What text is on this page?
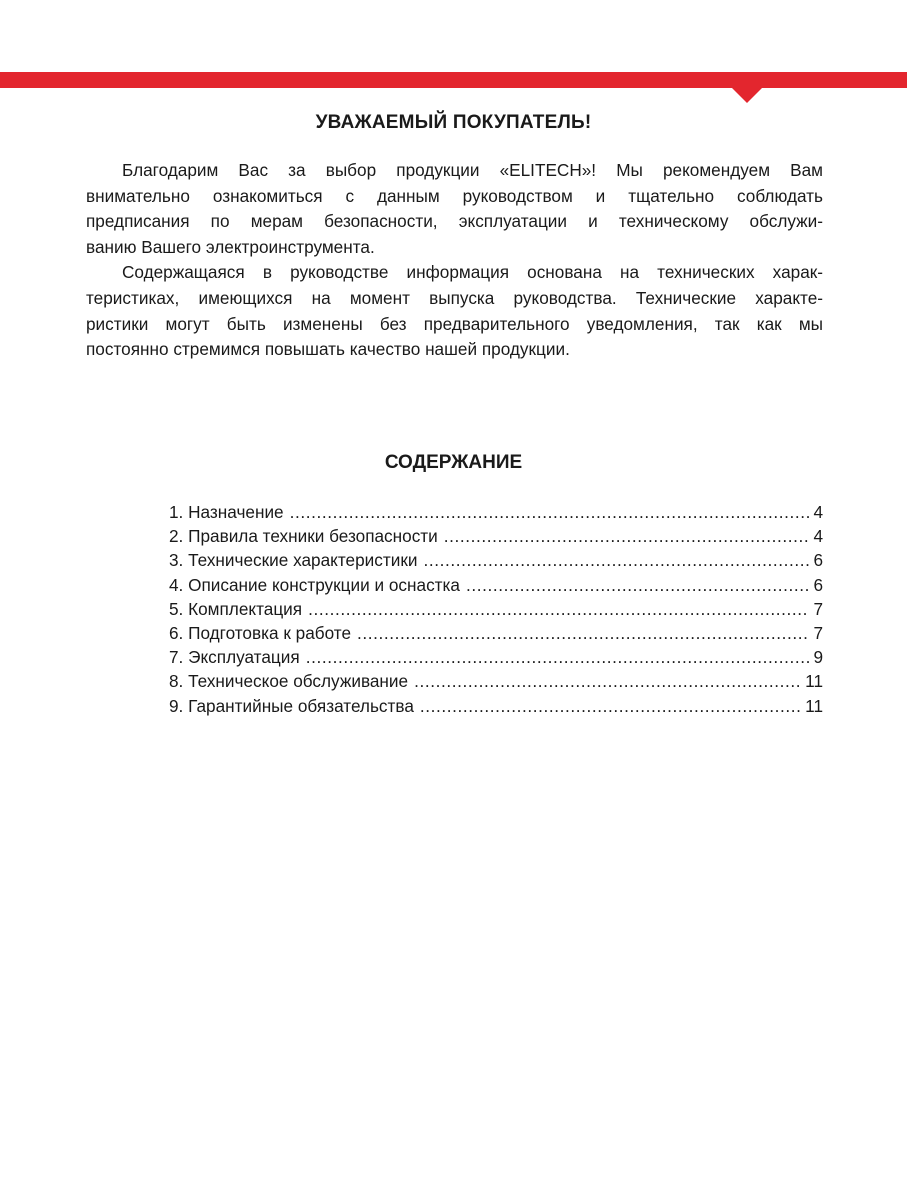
УВАЖАЕМЫЙ ПОКУПАТЕЛЬ!
Благодарим Вас за выбор продукции «ELITECH»! Мы рекомендуем Вам
внимательно ознакомиться с данным руководством и тщательно соблюдать
предписания по мерам безопасности, эксплуатации и техническому обслужи-
ванию Вашего электроинструмента.
Содержащаяся в руководстве информация основана на технических харак-
теристиках, имеющихся на момент выпуска руководства. Технические характе-
ристики могут быть изменены без предварительного уведомления, так как мы
постоянно стремимся повышать качество нашей продукции.
СОДЕРЖАНИЕ
1. Назначение .....	4
2. Правила техники безопасности .....	4
3. Технические характеристики .....	6
4. Описание конструкции и оснастка .....	6
5. Комплектация .....	7
6. Подготовка к работе .....	7
7. Эксплуатация .....	9
8. Техническое обслуживание .....	11
9. Гарантийные обязательства .....	11
